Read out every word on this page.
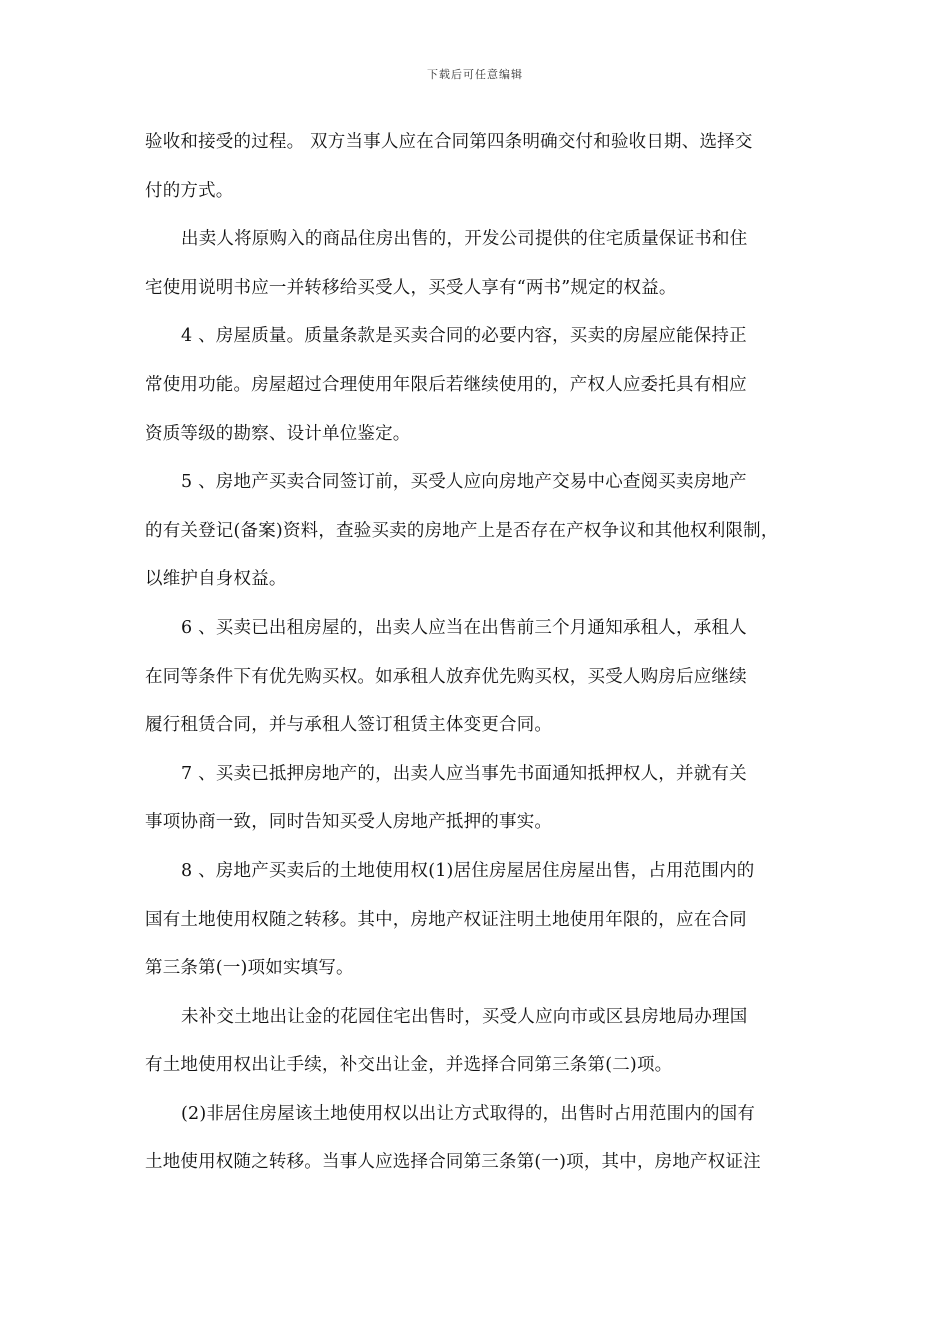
下载后可任意编辑
验收和接受的过程。 双方当事人应在合同第四条明确交付和验收日期、选择交
付的方式。
出卖人将原购入的商品住房出售的，开发公司提供的住宅质量保证书和住
宅使用说明书应一并转移给买受人，买受人享有“两书”规定的权益。
4 、房屋质量。质量条款是买卖合同的必要内容，买卖的房屋应能保持正
常使用功能。房屋超过合理使用年限后若继续使用的，产权人应委托具有相应
资质等级的勘察、设计单位鉴定。
5 、房地产买卖合同签订前，买受人应向房地产交易中心查阅买卖房地产
的有关登记(备案)资料，查验买卖的房地产上是否存在产权争议和其他权利限制，
以维护自身权益。
6 、买卖已出租房屋的，出卖人应当在出售前三个月通知承租人，承租人
在同等条件下有优先购买权。如承租人放弃优先购买权，买受人购房后应继续
履行租赁合同，并与承租人签订租赁主体变更合同。
7 、买卖已抵押房地产的，出卖人应当事先书面通知抵押权人，并就有关
事项协商一致，同时告知买受人房地产抵押的事实。
8 、房地产买卖后的土地使用权(1)居住房屋居住房屋出售，占用范围内的
国有土地使用权随之转移。其中，房地产权证注明土地使用年限的，应在合同
第三条第(一)项如实填写。
未补交土地出让金的花园住宅出售时，买受人应向市或区县房地局办理国
有土地使用权出让手续，补交出让金，并选择合同第三条第(二)项。
(2)非居住房屋该土地使用权以出让方式取得的，出售时占用范围内的国有
土地使用权随之转移。当事人应选择合同第三条第(一)项，其中，房地产权证注
